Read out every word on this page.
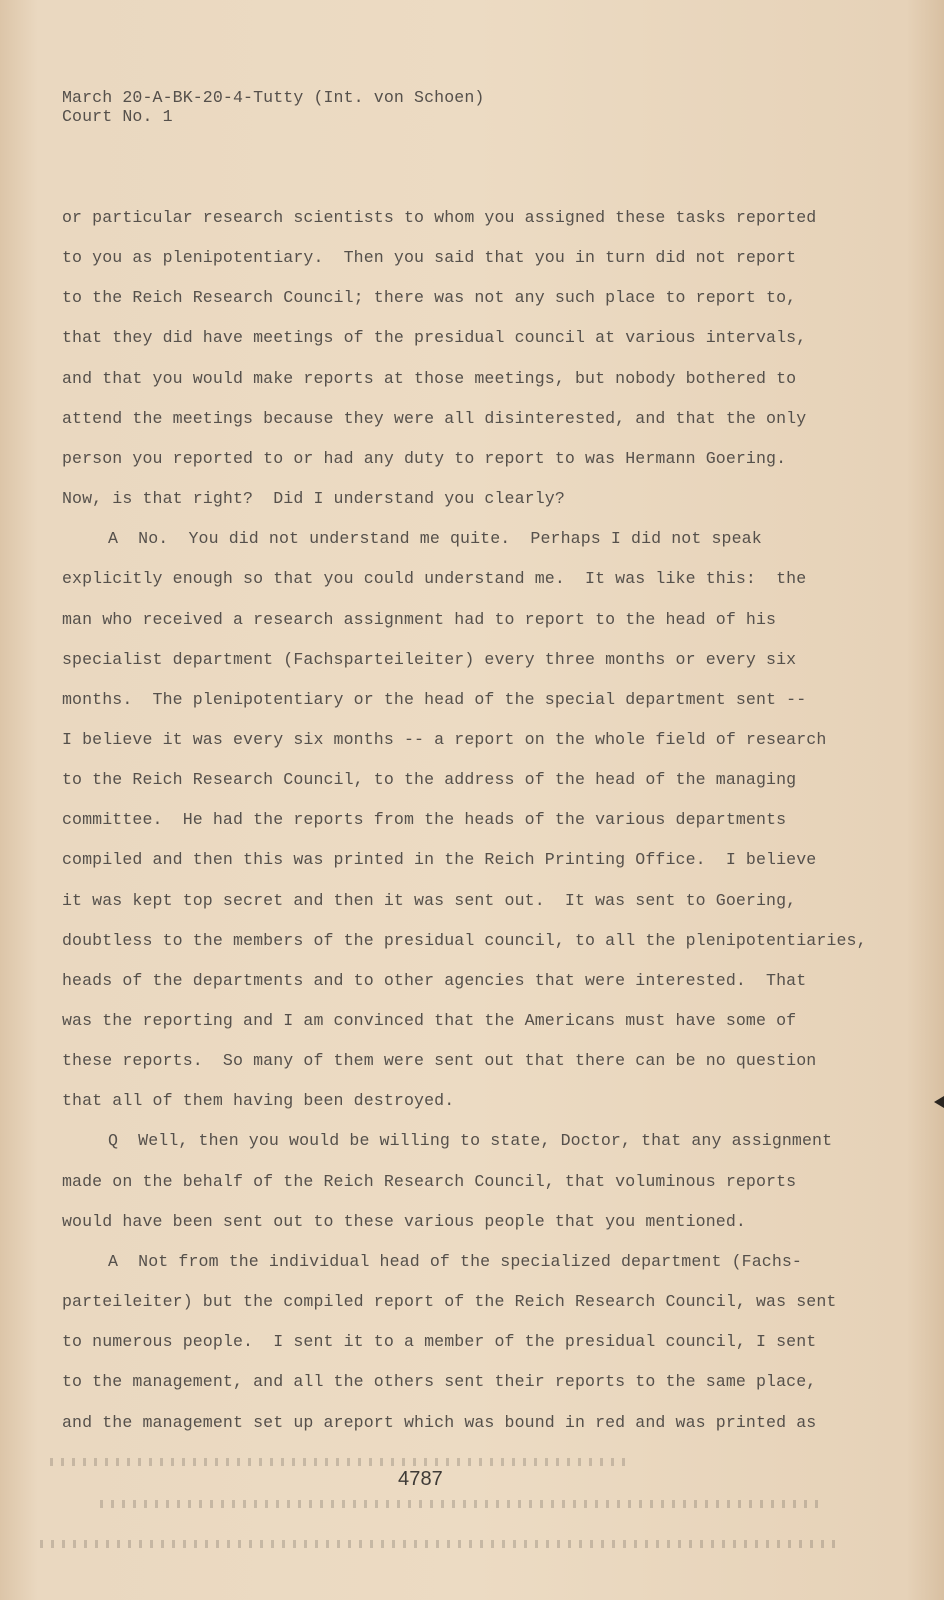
March 20-A-BK-20-4-Tutty (Int. von Schoen)
Court No. 1
or particular research scientists to whom you assigned these tasks reported
to you as plenipotentiary.  Then you said that you in turn did not report
to the Reich Research Council; there was not any such place to report to,
that they did have meetings of the presidual council at various intervals,
and that you would make reports at those meetings, but nobody bothered to
attend the meetings because they were all disinterested, and that the only
person you reported to or had any duty to report to was Hermann Goering.
Now, is that right?  Did I understand you clearly?
A  No.  You did not understand me quite.  Perhaps I did not speak
explicitly enough so that you could understand me.  It was like this:  the
man who received a research assignment had to report to the head of his
specialist department (Fachsparteileiter) every three months or every six
months.  The plenipotentiary or the head of the special department sent --
I believe it was every six months -- a report on the whole field of research
to the Reich Research Council, to the address of the head of the managing
committee.  He had the reports from the heads of the various departments
compiled and then this was printed in the Reich Printing Office.  I believe
it was kept top secret and then it was sent out.  It was sent to Goering,
doubtless to the members of the presidual council, to all the plenipotentiaries,
heads of the departments and to other agencies that were interested.  That
was the reporting and I am convinced that the Americans must have some of
these reports.  So many of them were sent out that there can be no question
that all of them having been destroyed.
Q  Well, then you would be willing to state, Doctor, that any assignment
made on the behalf of the Reich Research Council, that voluminous reports
would have been sent out to these various people that you mentioned.
A  Not from the individual head of the specialized department (Fachs-
parteileiter) but the compiled report of the Reich Research Council, was sent
to numerous people.  I sent it to a member of the presidual council, I sent
to the management, and all the others sent their reports to the same place,
and the management set up areport which was bound in red and was printed as
4787
